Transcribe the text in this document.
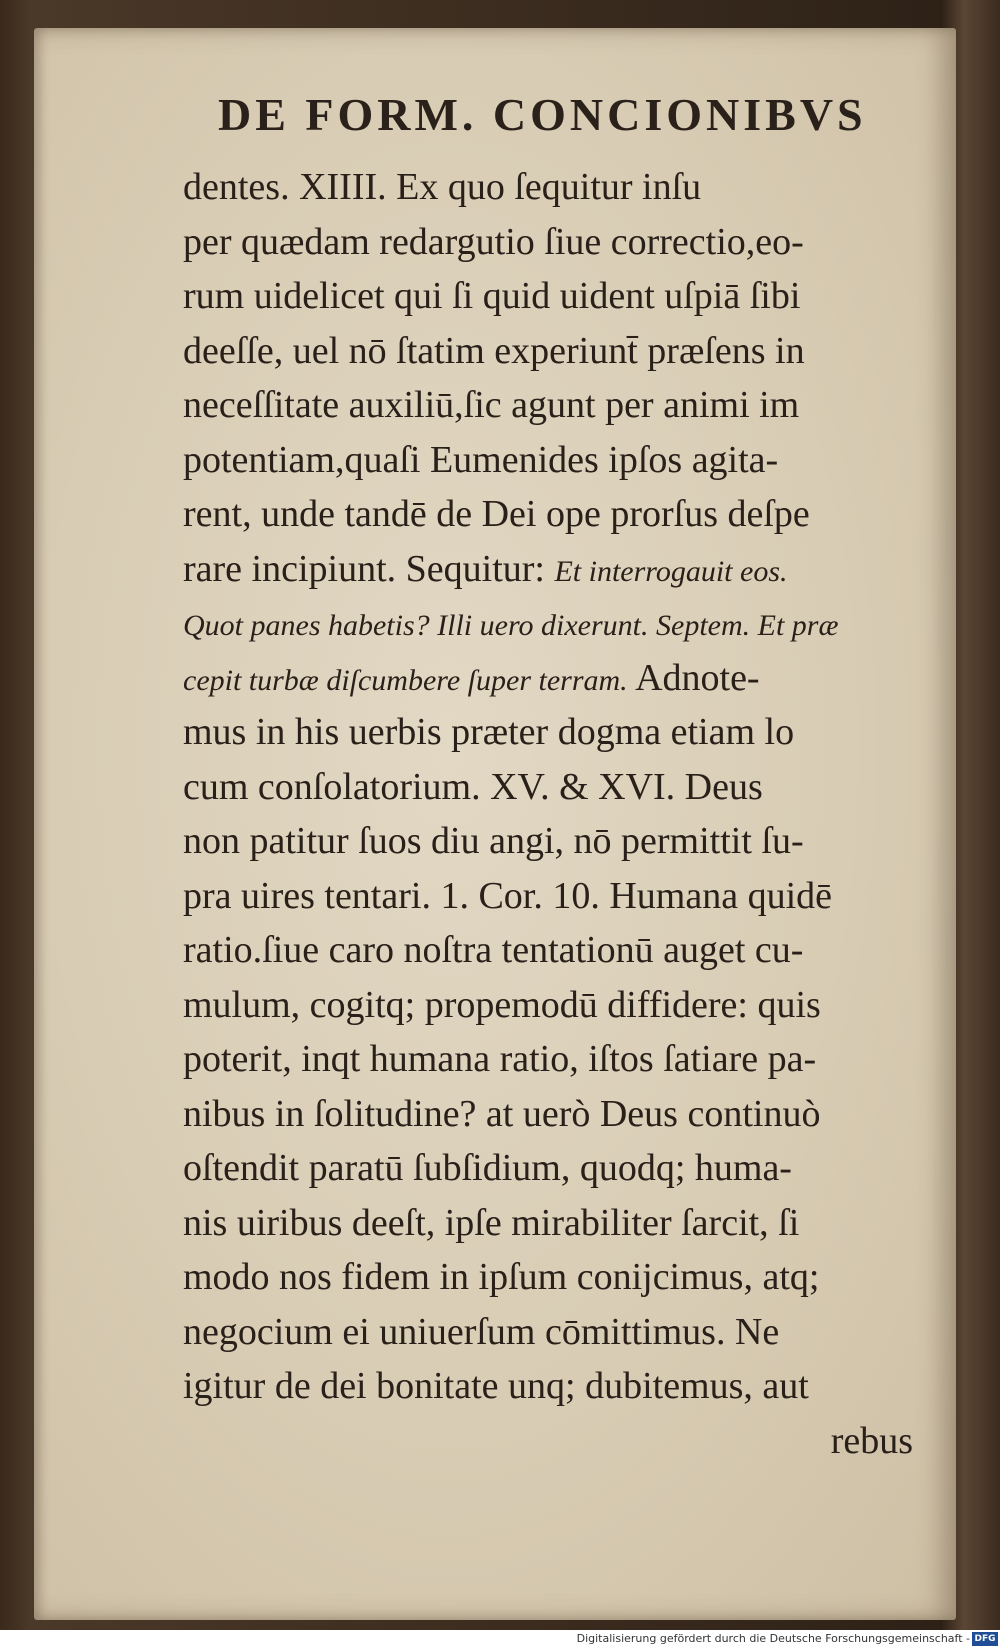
DE FORM. CONCIONIBVS
dentes. XIIII. Ex quo ſequitur inſu
per quædam redargutio ſiue correctio,eo-
rum uidelicet qui ſi quid uident uſpiā ſibi
deeſſe, uel nō ſtatim experiunt̄ præſens in
neceſſitate auxiliū,ſic agunt per animi im
potentiam,quaſi Eumenides ipſos agita-
rent, unde tandē de Dei ope prorſus deſpe
rare incipiunt. Sequitur: Et interrogauit eos.
Quot panes habetis? Illi uero dixerunt. Septem. Et præ
cepit turbæ diſcumbere ſuper terram. Adnote-
mus in his uerbis præter dogma etiam lo
cum conſolatorium. XV. & XVI. Deus
non patitur ſuos diu angi, nō permittit ſu-
pra uires tentari. 1. Cor. 10. Humana quidē
ratio.ſiue caro noſtra tentationū auget cu-
mulum, cogitq; propemodū diffidere: quis
poterit, inqt humana ratio, iſtos ſatiare pa-
nibus in ſolitudine? at uerò Deus continuò
oſtendit paratū ſubſidium, quodq; huma-
nis uiribus deeſt, ipſe mirabiliter ſarcit, ſi
modo nos fidem in ipſum conijcimus, atq;
negocium ei uniuerſum cōmittimus. Ne
igitur de dei bonitate unq; dubitemus, aut
rebus
Digitalisierung gefördert durch die Deutsche Forschungsgemeinschaft - DFG
